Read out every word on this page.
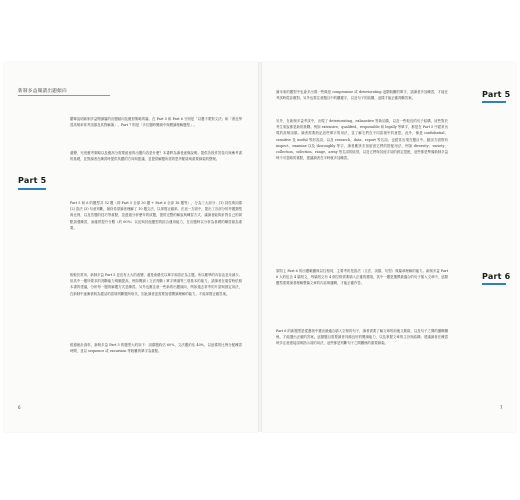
新制多益閱讀出題傾向

聽單說明新制多益閱讀篇的出題傾向及應對策略的篇。在 Part 5 和 Part 6 分別是「以選不要對文法」和「著近學習高頻率常考詞彙及其對解讀」，Part 7 則是「多位題時閱讀中與閱讀理解題型」。

還變，究竟應考策略以及應高分需要留意的出題內容是什麼？本書將為讀者逐條說明，提供各段作答技巧與參考書的基礎，並對讀者在練習時提供具體的方向與建議，並提供解題所需的思考脈絡與重要線索的整理。

Part 5

Part 5 和 6 的題型共 52 題（即 Part 5 全部 30 題 + Part 6 全部 16 題等），分為三大部分：(1) 詞性與詞彙 (2) 語法 (3) 句意判斷，最終希望讀者理解了 10 題文法，以掌握正確率。在這一方面中，提出了各部分的考題類型與比例，以及答題的技巧等重點，並透過分析歷年的試題，提供完整的解說與練習方式，讓讀者能夠針對自己的弱點加強練習，而確實提升分數（約 60%）以及與其他題型的綜合運用能力，在出題時以分析為基礎的練習最為重要。

相較於實用，新制多益 Part 5 並沒有太大的改變，還是會優先以單字和語法為主題，所以應學的內容也並未減少。但其中一題所要求的判斷能力明顯提高，例如閱讀 / 文法判斷 / 單字辨識等三項基本的能力。請讀者在複習時依照本書的建議，分析每一題的解題方式並練習。另外也應注意一些新的出題傾向，例如過去常考的片語與固定用法，在新制中逐漸被較為靈活的語境判斷題所取代，因此讀者更需要加強閱讀理解的能力，才能掌握正確答案。

根據統計資料，新制多益 Part 5 的題型大約如下：詞彙題約佔 60%，文法題約佔 40%，以這樣的比例分配練習時間，並以 sequence 或 excursion 等較難的單字為重點。

6
Part 5

讀未來的題型中也會多出現一些像是 compromise 或 deteriorating 這類較難的單字，請讀者多加練習，才能在考試時從容應對。另外也要注意題目中的關鍵字，以及句子的結構，這樣才能正確判斷答案。

另外，在新制多益考試中，出現了 deteriorating、exhaustive 等新詞彙，以及一些較長的句子結構，這些對於考生來說都是新的挑戰。例如 extensive、qualified、responsible 和 legally 等單字，都是在 Part 5 中經常出現的高頻詞彙。讀者需要熟記這些單字的用法，並了解它們在不同語境中的意思。此外，像是 confidential、sensitive 及 useful 等形容詞，以及 research、data、report 等名詞，也經常出現在題目中。動詞方面則有 inspect、examine 以及 thoroughly 等字，讀者應該多加留意它們的搭配用法，例如 diversity、variety、collection、selection、range、array 等名詞的區別，以及它們與其他字詞的固定搭配，這些都是準備新制多益時不可忽略的重點，建議讀者在平時就多加練習。

Part 6

原則上 Part 6 的出題範圍與以往相同，主要考的是語法（文法、詞彙、句型）與篇章理解的能力。新制多益 Part 6 大約包含 4 篇短文，每篇短文有 4 個空格需要填入正確的選項，其中一題是選擇最適合的句子插入文章中，這類題型需要讀者理解整篇文章的內容與邏輯，才能正確作答。

Part 6 的新題型是從選項中選出最適合填入空格的句子，讀者需要了解文章的前後文脈絡，以及句子之間的邏輯關係，才能選出正確的答案。這類題目需要讀者具備良好的閱讀能力，以及掌握文章的主旨與結構，建議讀者在練習時多注意連接詞與指示詞的用法，這些都是判斷句子之間關係的重要線索。

7
